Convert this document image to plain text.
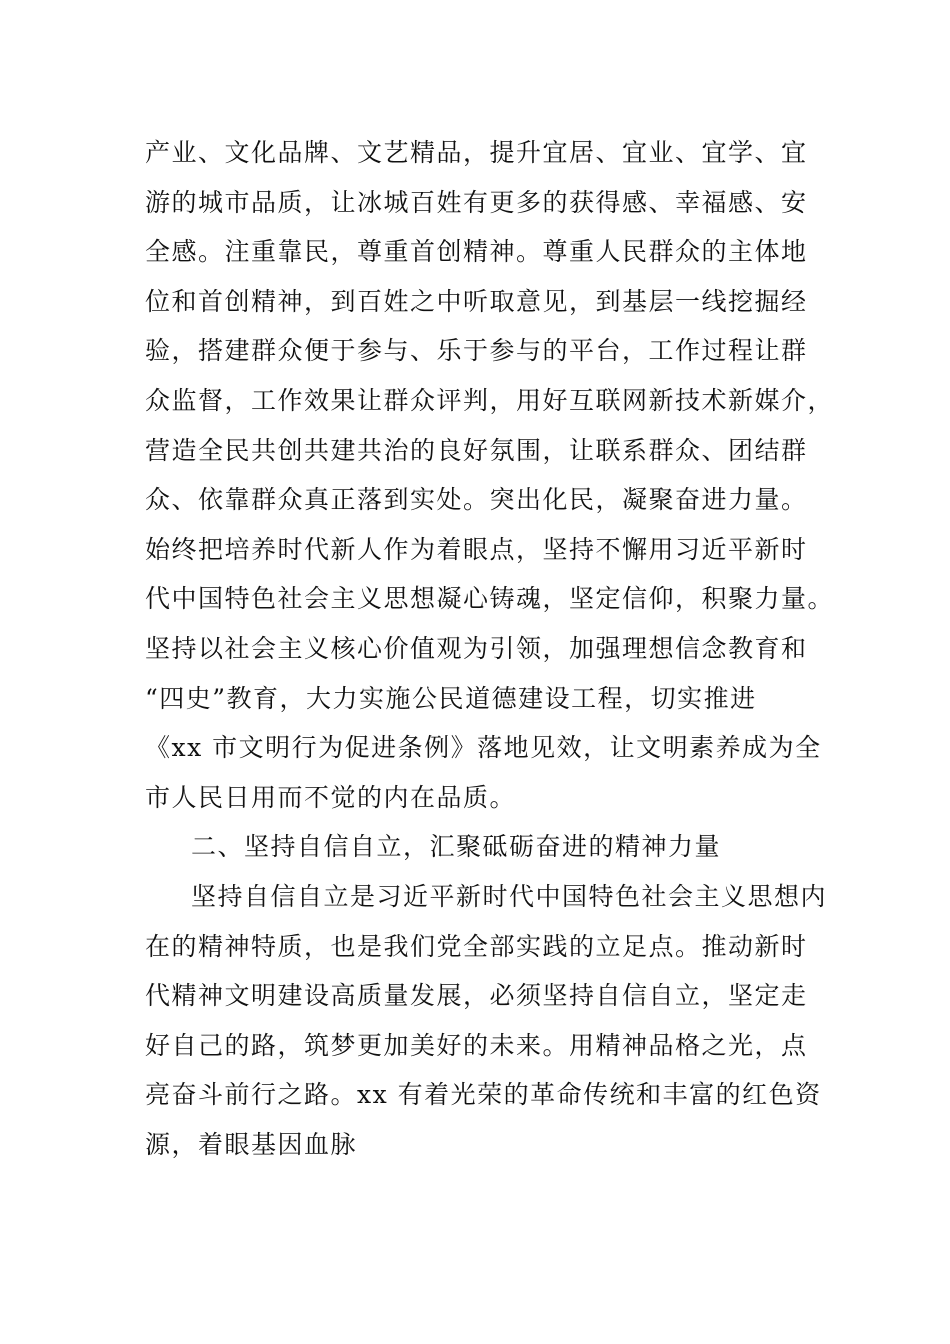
产业、文化品牌、文艺精品，提升宜居、宜业、宜学、宜
游的城市品质，让冰城百姓有更多的获得感、幸福感、安
全感。注重靠民，尊重首创精神。尊重人民群众的主体地
位和首创精神，到百姓之中听取意见，到基层一线挖掘经
验，搭建群众便于参与、乐于参与的平台，工作过程让群
众监督，工作效果让群众评判，用好互联网新技术新媒介，
营造全民共创共建共治的良好氛围，让联系群众、团结群
众、依靠群众真正落到实处。突出化民，凝聚奋进力量。
始终把培养时代新人作为着眼点，坚持不懈用习近平新时
代中国特色社会主义思想凝心铸魂，坚定信仰，积聚力量。
坚持以社会主义核心价值观为引领，加强理想信念教育和
“四史”教育，大力实施公民道德建设工程，切实推进
《xx 市文明行为促进条例》落地见效，让文明素养成为全
市人民日用而不觉的内在品质。
二、坚持自信自立，汇聚砥砺奋进的精神力量
坚持自信自立是习近平新时代中国特色社会主义思想内
在的精神特质，也是我们党全部实践的立足点。推动新时
代精神文明建设高质量发展，必须坚持自信自立，坚定走
好自己的路，筑梦更加美好的未来。用精神品格之光，点
亮奋斗前行之路。xx 有着光荣的革命传统和丰富的红色资
源，着眼基因血脉
